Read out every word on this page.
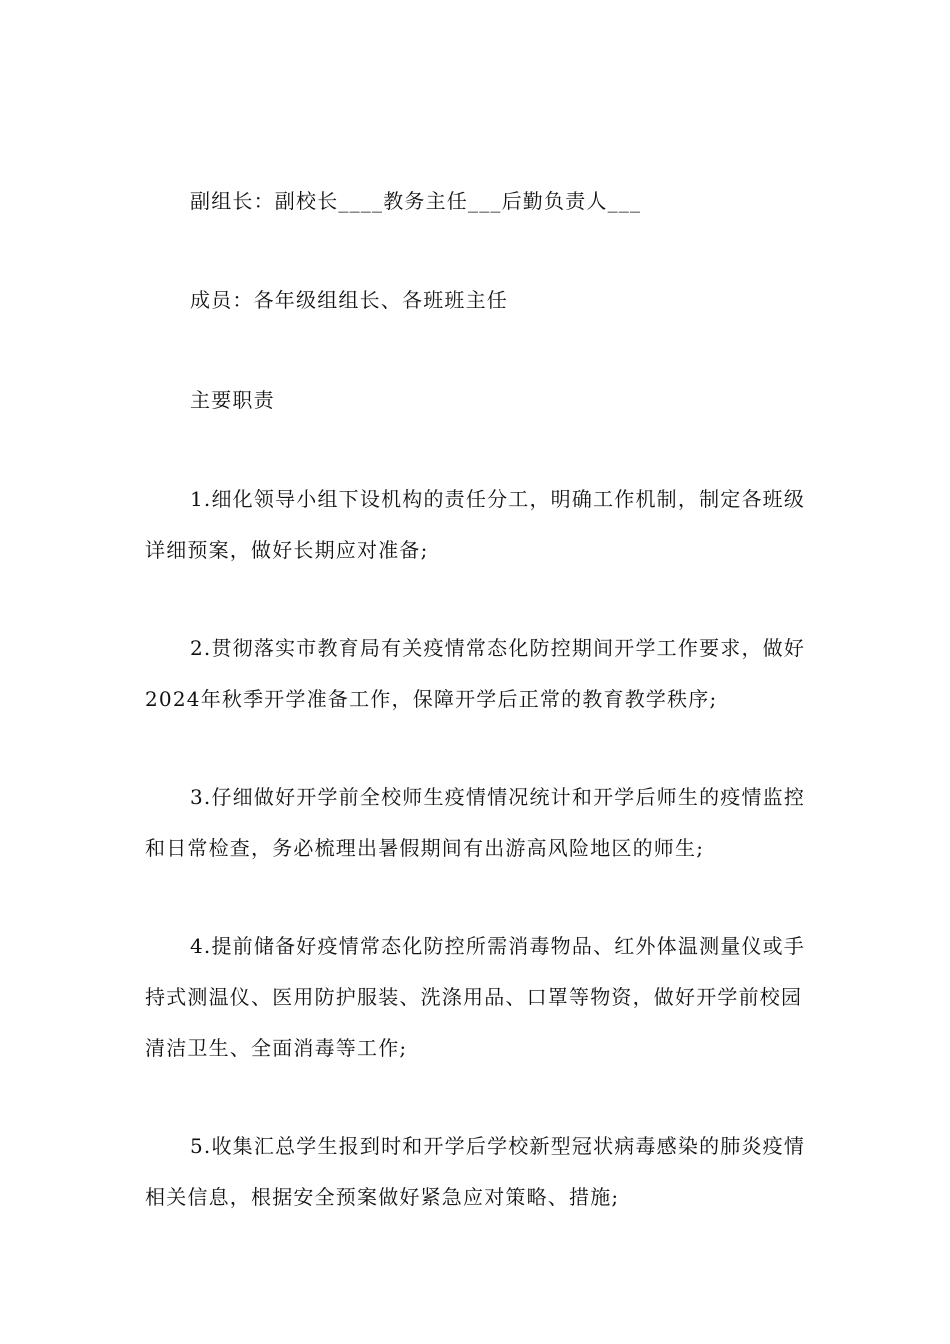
副组长：副校长____教务主任___后勤负责人___

成员：各年级组组长、各班班主任

主要职责

1.细化领导小组下设机构的责任分工，明确工作机制，制定各班级详细预案，做好长期应对准备;

2.贯彻落实市教育局有关疫情常态化防控期间开学工作要求，做好2024年秋季开学准备工作，保障开学后正常的教育教学秩序;

3.仔细做好开学前全校师生疫情情况统计和开学后师生的疫情监控和日常检查，务必梳理出暑假期间有出游高风险地区的师生;

4.提前储备好疫情常态化防控所需消毒物品、红外体温测量仪或手持式测温仪、医用防护服装、洗涤用品、口罩等物资，做好开学前校园清洁卫生、全面消毒等工作;

5.收集汇总学生报到时和开学后学校新型冠状病毒感染的肺炎疫情相关信息，根据安全预案做好紧急应对策略、措施;
